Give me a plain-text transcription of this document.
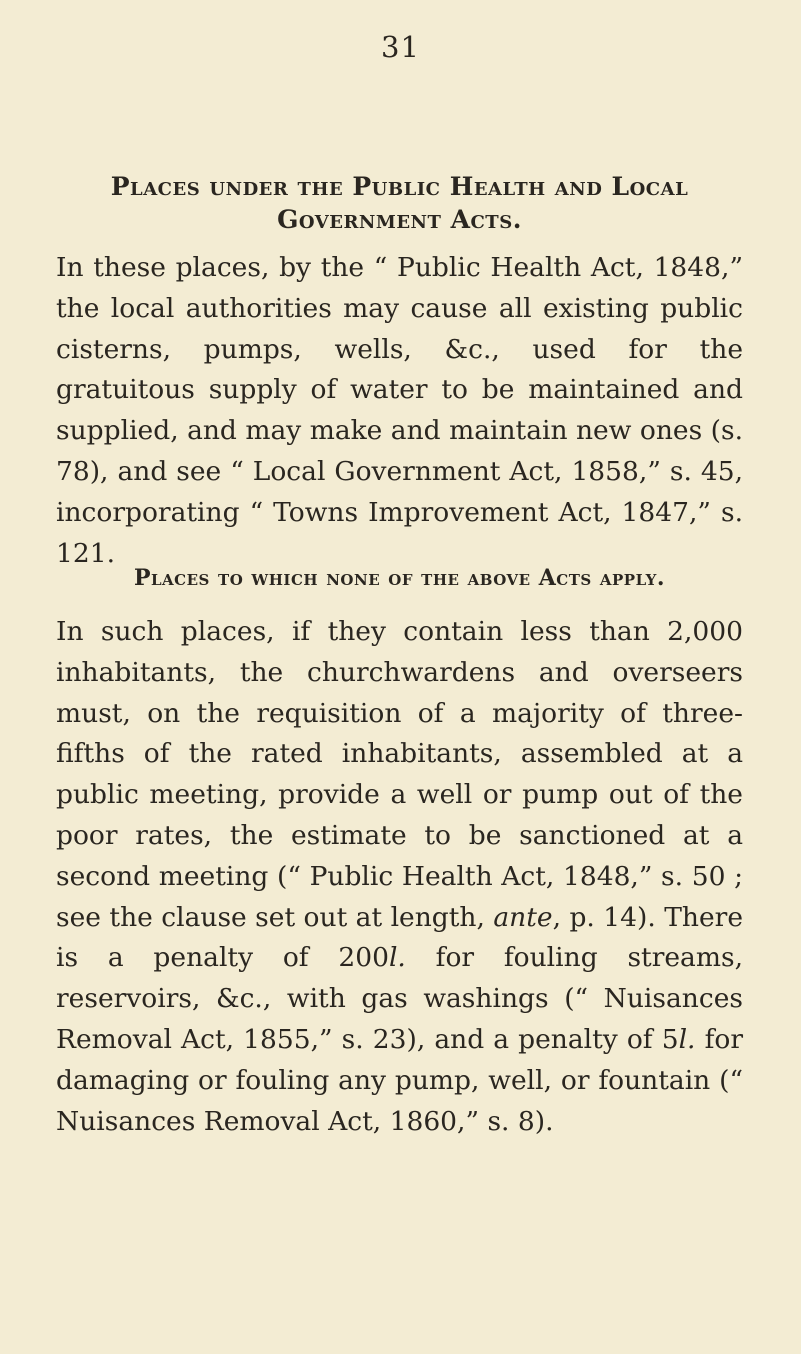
31
Places under the Public Health and Local Government Acts.

In these places, by the “ Public Health Act, 1848,” the local authorities may cause all existing public cisterns, pumps, wells, &c., used for the gratuitous supply of water to be maintained and supplied, and may make and maintain new ones (s. 78), and see “ Local Government Act, 1858,” s. 45, incorporating “ Towns Improvement Act, 1847,” s. 121.

Places to which none of the above Acts apply.

In such places, if they contain less than 2,000 inhabitants, the churchwardens and overseers must, on the requisition of a majority of three-fifths of the rated inhabitants, assembled at a public meeting, provide a well or pump out of the poor rates, the estimate to be sanctioned at a second meeting (“ Public Health Act, 1848,” s. 50 ; see the clause set out at length, ante, p. 14). There is a penalty of 200l. for fouling streams, reservoirs, &c., with gas washings (“ Nuisances Removal Act, 1855,” s. 23), and a penalty of 5l. for damaging or fouling any pump, well, or fountain (“ Nuisances Removal Act, 1860,” s. 8).
